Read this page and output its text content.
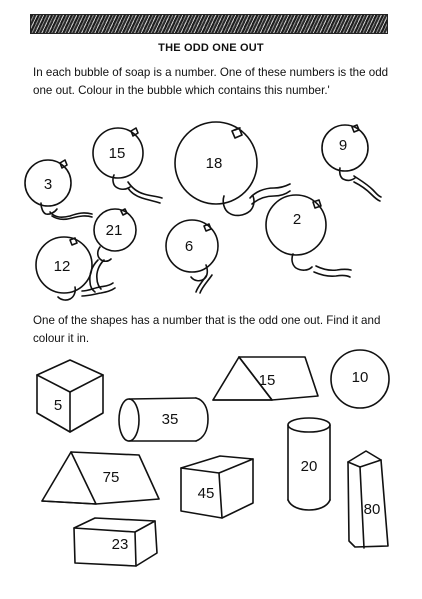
THE ODD ONE OUT
In each bubble of soap is a number. One of these numbers is the odd one out. Colour in the bubble which contains this number.'
One of the shapes has a number that is the odd one out. Find it and colour it in.
3
15
18
9
21
6
2
12
5
15	10
35
75
45
20
80
23
